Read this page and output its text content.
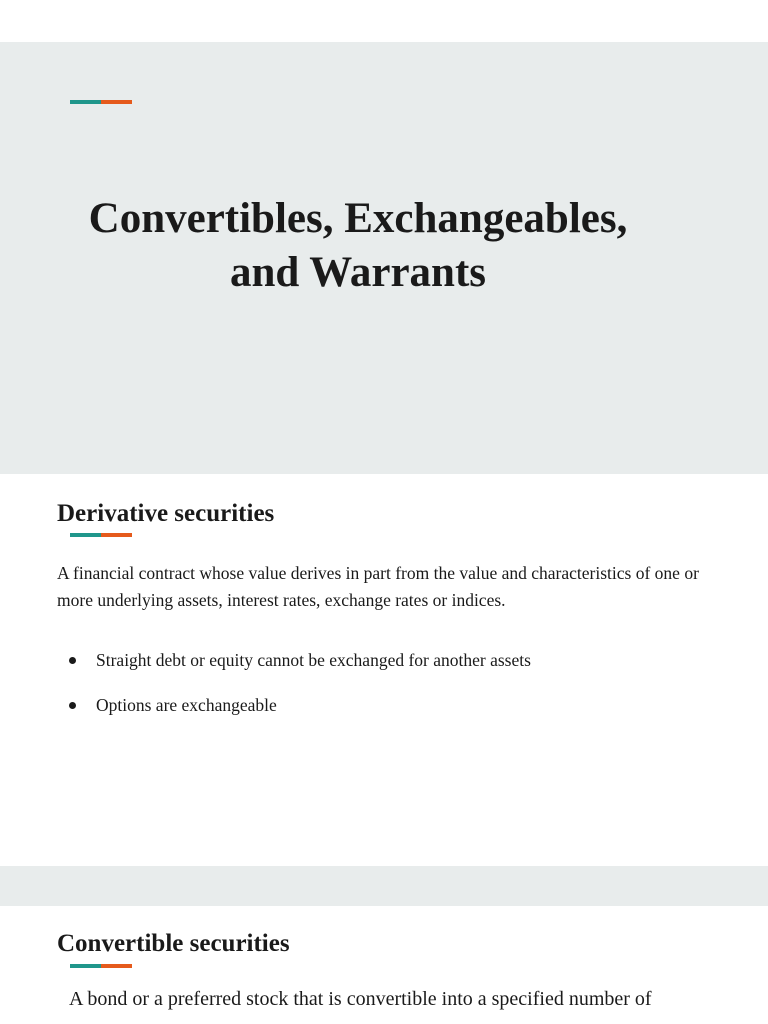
Convertibles, Exchangeables, and Warrants
Derivative securities

A financial contract whose value derives in part from the value and characteristics of one or more underlying assets, interest rates, exchange rates or indices.

Straight debt or equity cannot be exchanged for another assets
Options are exchangeable
Convertible securities

A bond or a preferred stock that is convertible into a specified number of
